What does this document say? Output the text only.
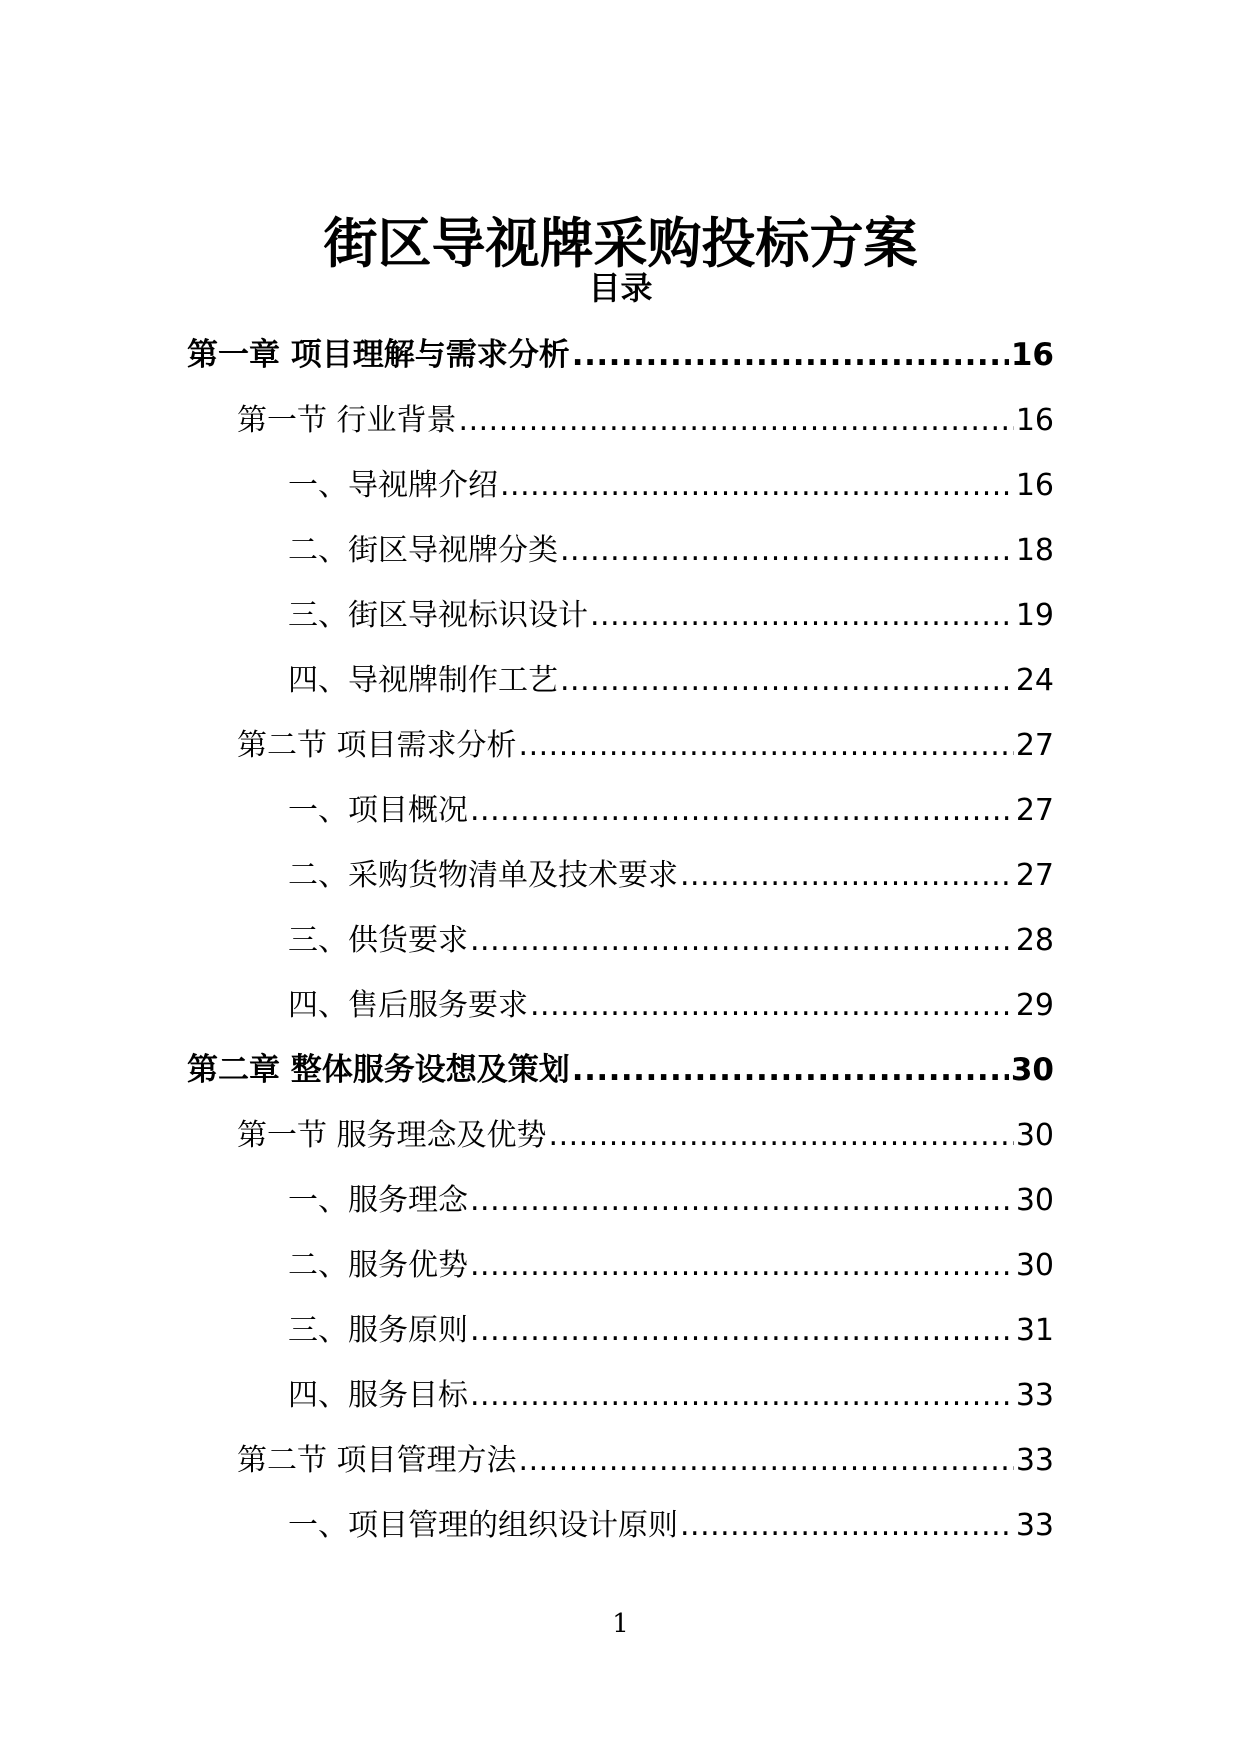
街区导视牌采购投标方案
目录
第一章 项目理解与需求分析 .....	16
第一节 行业背景 .....	16
一、导视牌介绍 .....	16
二、街区导视牌分类 .....	18
三、街区导视标识设计 .....	19
四、导视牌制作工艺 .....	24
第二节 项目需求分析 .....	27
一、项目概况 .....	27
二、采购货物清单及技术要求 .....	27
三、供货要求 .....	28
四、售后服务要求 .....	29
第二章 整体服务设想及策划 .....	30
第一节 服务理念及优势 .....	30
一、服务理念 .....	30
二、服务优势 .....	30
三、服务原则 .....	31
四、服务目标 .....	33
第二节 项目管理方法 .....	33
一、项目管理的组织设计原则 .....	33
1
